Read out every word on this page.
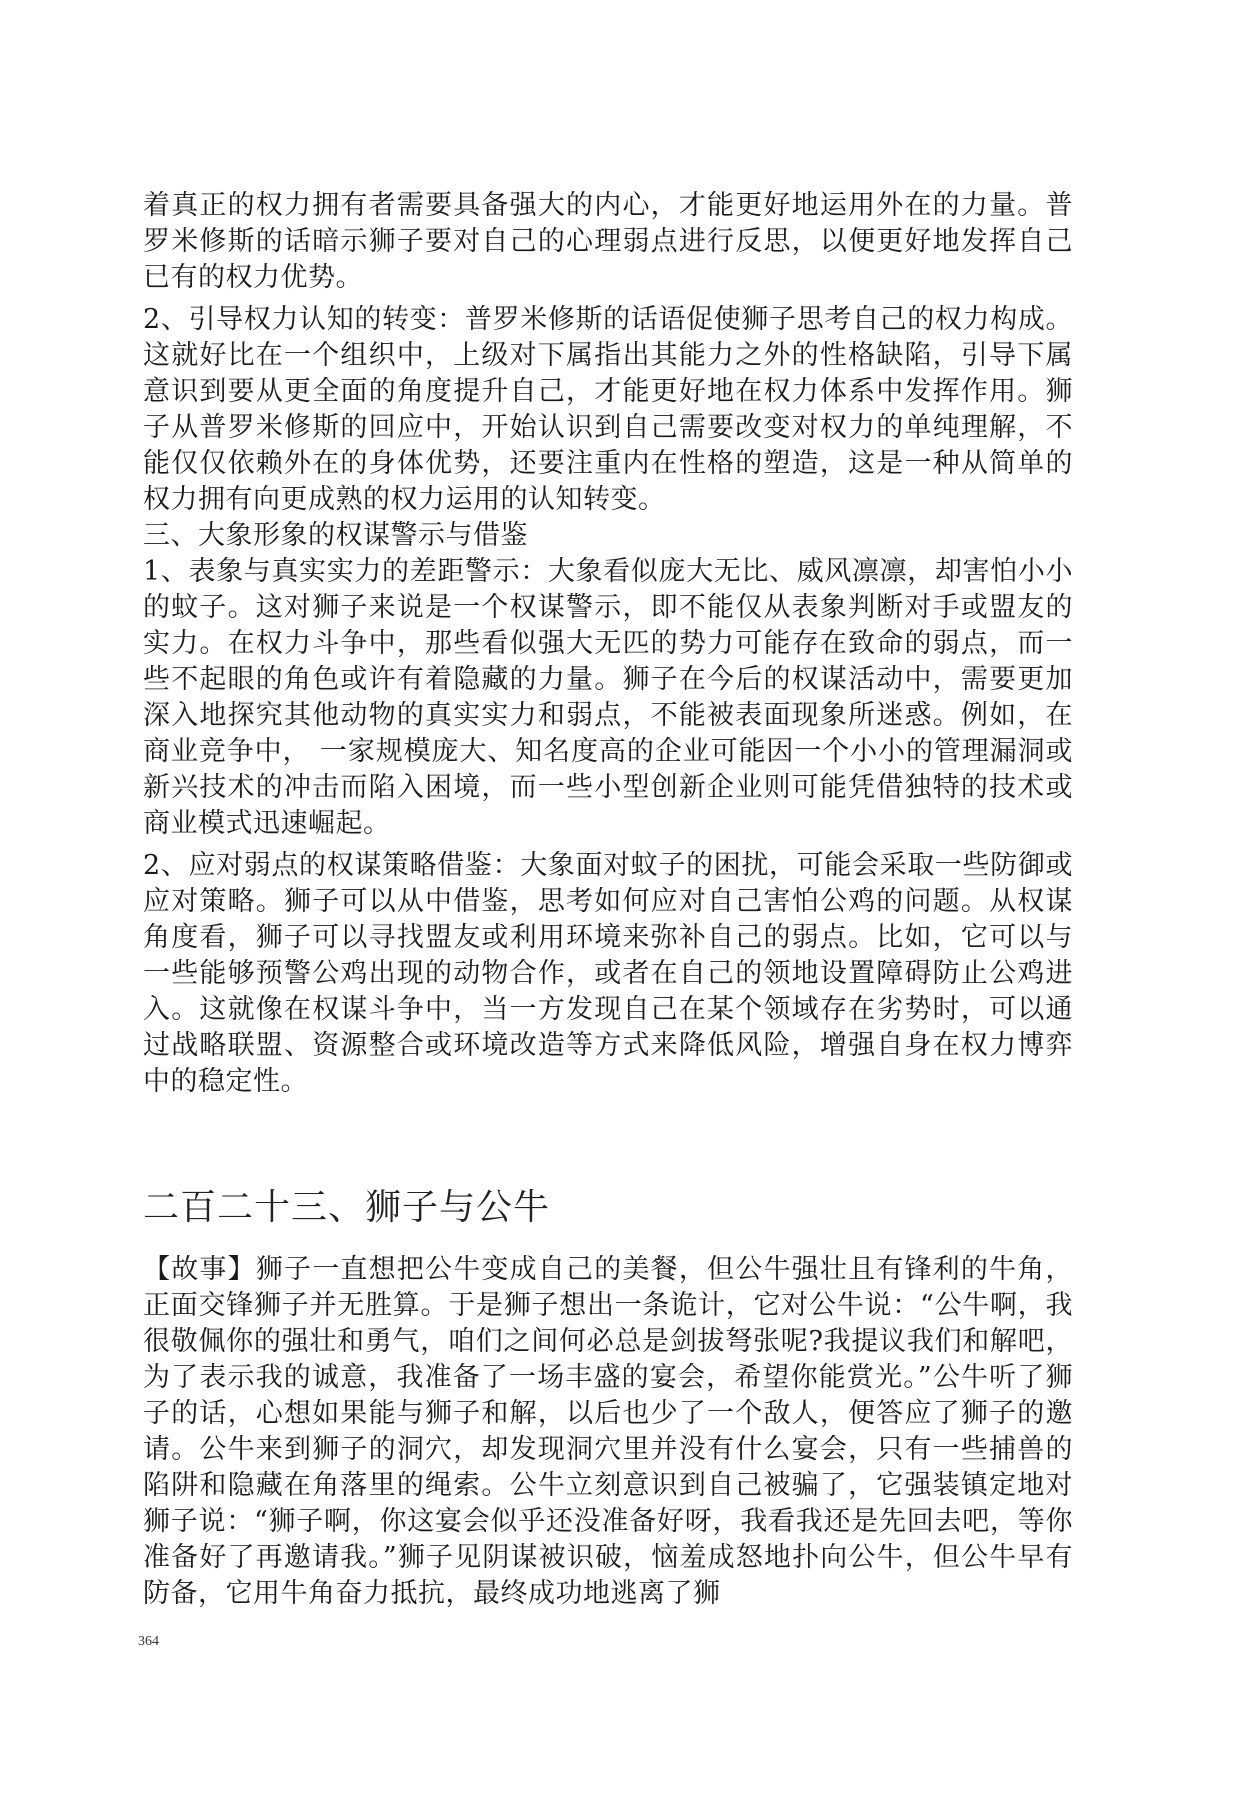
着真正的权力拥有者需要具备强大的内心，才能更好地运用外在的力量。普罗米修斯的话暗示狮子要对自己的心理弱点进行反思，以便更好地发挥自己已有的权力优势。

2、引导权力认知的转变：普罗米修斯的话语促使狮子思考自己的权力构成。这就好比在一个组织中，上级对下属指出其能力之外的性格缺陷，引导下属意识到要从更全面的角度提升自己，才能更好地在权力体系中发挥作用。狮子从普罗米修斯的回应中，开始认识到自己需要改变对权力的单纯理解，不能仅仅依赖外在的身体优势，还要注重内在性格的塑造，这是一种从简单的权力拥有向更成熟的权力运用的认知转变。

三、大象形象的权谋警示与借鉴

1、表象与真实实力的差距警示：大象看似庞大无比、威风凛凛，却害怕小小的蚊子。这对狮子来说是一个权谋警示，即不能仅从表象判断对手或盟友的实力。在权力斗争中，那些看似强大无匹的势力可能存在致命的弱点，而一些不起眼的角色或许有着隐藏的力量。狮子在今后的权谋活动中，需要更加深入地探究其他动物的真实实力和弱点，不能被表面现象所迷惑。例如，在商业竞争中， 一家规模庞大、知名度高的企业可能因一个小小的管理漏洞或新兴技术的冲击而陷入困境，而一些小型创新企业则可能凭借独特的技术或商业模式迅速崛起。

2、应对弱点的权谋策略借鉴：大象面对蚊子的困扰，可能会采取一些防御或应对策略。狮子可以从中借鉴，思考如何应对自己害怕公鸡的问题。从权谋角度看，狮子可以寻找盟友或利用环境来弥补自己的弱点。比如，它可以与一些能够预警公鸡出现的动物合作，或者在自己的领地设置障碍防止公鸡进入。这就像在权谋斗争中，当一方发现自己在某个领域存在劣势时，可以通过战略联盟、资源整合或环境改造等方式来降低风险，增强自身在权力博弈中的稳定性。

二百二十三、狮子与公牛

【故事】狮子一直想把公牛变成自己的美餐，但公牛强壮且有锋利的牛角，正面交锋狮子并无胜算。于是狮子想出一条诡计，它对公牛说：“公牛啊，我很敬佩你的强壮和勇气，咱们之间何必总是剑拔弩张呢?我提议我们和解吧，为了表示我的诚意，我准备了一场丰盛的宴会，希望你能赏光。”公牛听了狮子的话，心想如果能与狮子和解，以后也少了一个敌人，便答应了狮子的邀请。公牛来到狮子的洞穴，却发现洞穴里并没有什么宴会，只有一些捕兽的陷阱和隐藏在角落里的绳索。公牛立刻意识到自己被骗了，它强装镇定地对狮子说：“狮子啊，你这宴会似乎还没准备好呀，我看我还是先回去吧，等你准备好了再邀请我。”狮子见阴谋被识破，恼羞成怒地扑向公牛，但公牛早有防备，它用牛角奋力抵抗，最终成功地逃离了狮

364
